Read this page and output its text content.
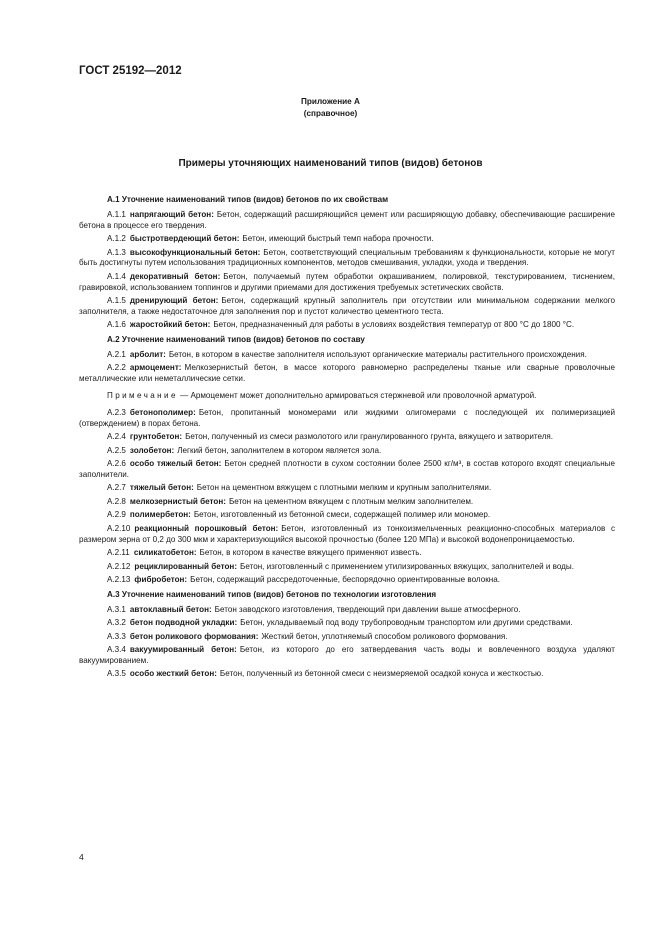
ГОСТ 25192—2012
Приложение А
(справочное)
Примеры уточняющих наименований типов (видов) бетонов

А.1 Уточнение наименований типов (видов) бетонов по их свойствам

А.1.1 напрягающий бетон: Бетон, содержащий расширяющийся цемент или расширяющую добавку, обеспечивающие расширение бетона в процессе его твердения.

А.1.2 быстротвердеющий бетон: Бетон, имеющий быстрый темп набора прочности.

А.1.3 высокофункциональный бетон: Бетон, соответствующий специальным требованиям к функциональности, которые не могут быть достигнуты путем использования традиционных компонентов, методов смешивания, укладки, ухода и твердения.

А.1.4 декоративный бетон: Бетон, получаемый путем обработки окрашиванием, полировкой, текстурированием, тиснением, гравировкой, использованием топпингов и другими приемами для достижения требуемых эстетических свойств.

А.1.5 дренирующий бетон: Бетон, содержащий крупный заполнитель при отсутствии или минимальном содержании мелкого заполнителя, а также недостаточное для заполнения пор и пустот количество цементного теста.

А.1.6 жаростойкий бетон: Бетон, предназначенный для работы в условиях воздействия температур от 800 °С до 1800 °С.

А.2 Уточнение наименований типов (видов) бетонов по составу

А.2.1 арболит: Бетон, в котором в качестве заполнителя используют органические материалы растительного происхождения.

А.2.2 армоцемент: Мелкозернистый бетон, в массе которого равномерно распределены тканые или сварные проволочные металлические или неметаллические сетки.

Примечание — Армоцемент может дополнительно армироваться стержневой или проволочной арматурой.

А.2.3 бетонополимер: Бетон, пропитанный мономерами или жидкими олигомерами с последующей их полимеризацией (отверждением) в порах бетона.

А.2.4 грунтобетон: Бетон, полученный из смеси размолотого или гранулированного грунта, вяжущего и затворителя.

А.2.5 золобетон: Легкий бетон, заполнителем в котором является зола.

А.2.6 особо тяжелый бетон: Бетон средней плотности в сухом состоянии более 2500 кг/м³, в состав которого входят специальные заполнители.

А.2.7 тяжелый бетон: Бетон на цементном вяжущем с плотными мелким и крупным заполнителями.

А.2.8 мелкозернистый бетон: Бетон на цементном вяжущем с плотным мелким заполнителем.

А.2.9 полимербетон: Бетон, изготовленный из бетонной смеси, содержащей полимер или мономер.

А.2.10 реакционный порошковый бетон: Бетон, изготовленный из тонкоизмельченных реакционно-способных материалов с размером зерна от 0,2 до 300 мкм и характеризующийся высокой прочностью (более 120 МПа) и высокой водонепроницаемостью.

А.2.11 силикатобетон: Бетон, в котором в качестве вяжущего применяют известь.

А.2.12 рециклированный бетон: Бетон, изготовленный с применением утилизированных вяжущих, заполнителей и воды.

А.2.13 фибробетон: Бетон, содержащий рассредоточенные, беспорядочно ориентированные волокна.

А.3 Уточнение наименований типов (видов) бетонов по технологии изготовления

А.3.1 автоклавный бетон: Бетон заводского изготовления, твердеющий при давлении выше атмосферного.

А.3.2 бетон подводной укладки: Бетон, укладываемый под воду трубопроводным транспортом или другими средствами.

А.3.3 бетон роликового формования: Жесткий бетон, уплотняемый способом роликового формования.

А.3.4 вакуумированный бетон: Бетон, из которого до его затвердевания часть воды и вовлеченного воздуха удаляют вакуумированием.

А.3.5 особо жесткий бетон: Бетон, полученный из бетонной смеси с неизмеряемой осадкой конуса и жесткостью.

4
